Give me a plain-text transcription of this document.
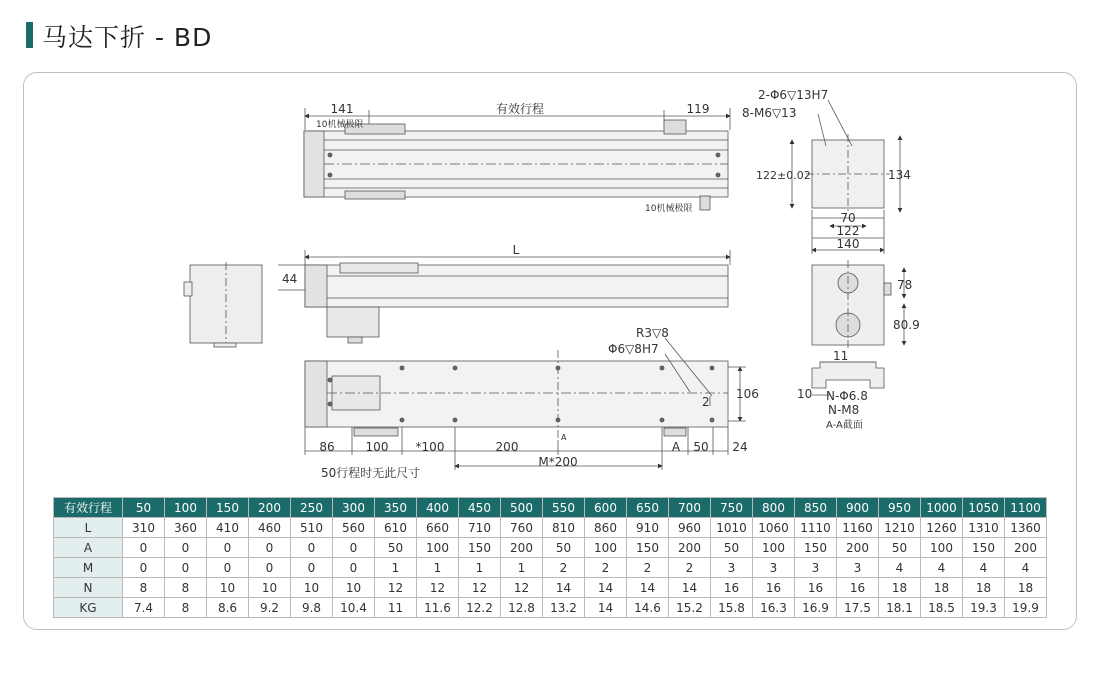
马达下折 - BD
有效行程
141	119
10机械极限
10机械极限
2-Φ6▽13H7
8-M6▽13
122±0.02	134
70
122
140
L
44	78
80.9
R3▽8
Φ6▽8H7
2
106
86	100 *100	200	A 50 24
M*200
50行程时无此尺寸
A
11
10 N-Φ6.8
N-M8
A-A截面
有效行程	50	100	150	200	250	300	350	400	450	500	550	600	650	700	750	800	850	900	950	1000	1050	1100
L	310	360	410	460	510	560	610	660	710	760	810	860	910	960	1010	1060	1110	1160	1210	1260	1310	1360
A	0	0	0	0	0	0	50	100	150	200	50	100	150	200	50	100	150	200	50	100	150	200
M	0	0	0	0	0	0	1	1	1	1	2	2	2	2	3	3	3	3	4	4	4	4
N	8	8	10	10	10	10	12	12	12	12	14	14	14	14	16	16	16	16	18	18	18	18
KG	7.4	8	8.6	9.2	9.8	10.4	11	11.6	12.2	12.8	13.2	14	14.6	15.2	15.8	16.3	16.9	17.5	18.1	18.5	19.3	19.9
